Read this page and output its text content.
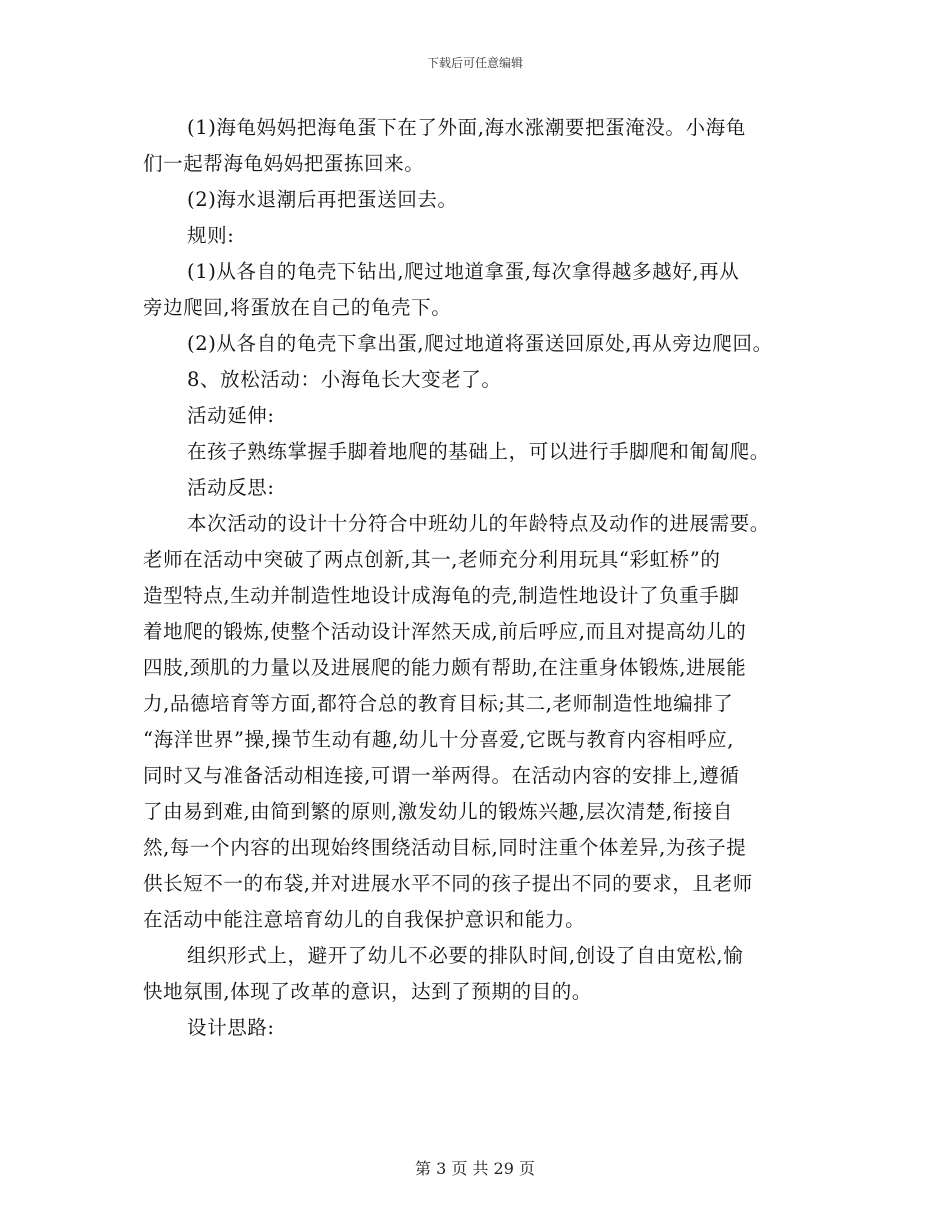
下载后可任意编辑
(1)海龟妈妈把海龟蛋下在了外面,海水涨潮要把蛋淹没。小海龟
们一起帮海龟妈妈把蛋拣回来。
(2)海水退潮后再把蛋送回去。
规则:
(1)从各自的龟壳下钻出,爬过地道拿蛋,每次拿得越多越好,再从
旁边爬回,将蛋放在自己的龟壳下。
(2)从各自的龟壳下拿出蛋,爬过地道将蛋送回原处,再从旁边爬回。
8、放松活动：小海龟长大变老了。
活动延伸:
在孩子熟练掌握手脚着地爬的基础上，可以进行手脚爬和匍匐爬。
活动反思:
本次活动的设计十分符合中班幼儿的年龄特点及动作的进展需要。
老师在活动中突破了两点创新,其一,老师充分利用玩具“彩虹桥”的
造型特点,生动并制造性地设计成海龟的壳,制造性地设计了负重手脚
着地爬的锻炼,使整个活动设计浑然天成,前后呼应,而且对提高幼儿的
四肢,颈肌的力量以及进展爬的能力颇有帮助,在注重身体锻炼,进展能
力,品德培育等方面,都符合总的教育目标;其二,老师制造性地编排了
“海洋世界”操,操节生动有趣,幼儿十分喜爱,它既与教育内容相呼应,
同时又与准备活动相连接,可谓一举两得。在活动内容的安排上,遵循
了由易到难,由简到繁的原则,激发幼儿的锻炼兴趣,层次清楚,衔接自
然,每一个内容的出现始终围绕活动目标,同时注重个体差异,为孩子提
供长短不一的布袋,并对进展水平不同的孩子提出不同的要求，且老师
在活动中能注意培育幼儿的自我保护意识和能力。
组织形式上，避开了幼儿不必要的排队时间,创设了自由宽松,愉
快地氛围,体现了改革的意识，达到了预期的目的。
设计思路:
第 3 页 共 29 页
